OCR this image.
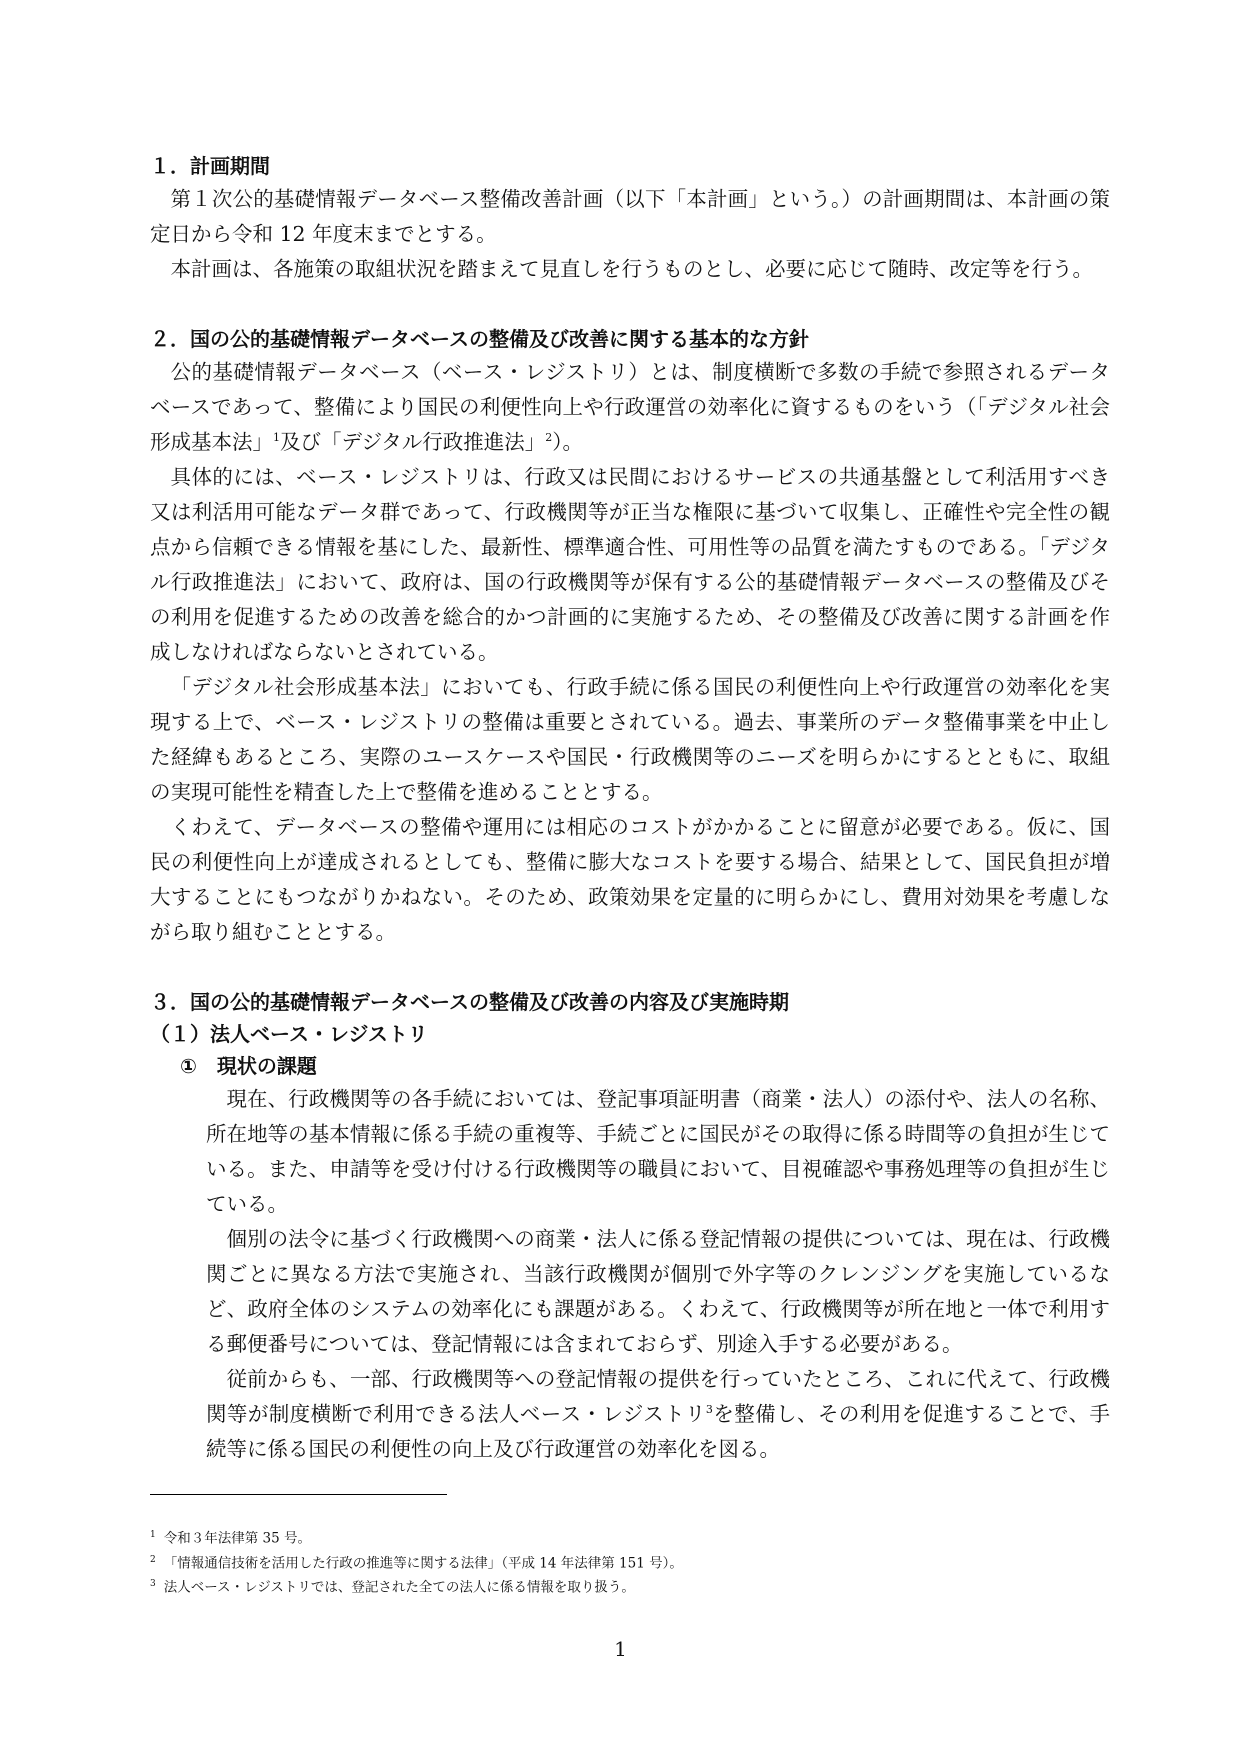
１．計画期間

第１次公的基礎情報データベース整備改善計画（以下「本計画」という。）の計画期間は、本計画の策定日から令和 12 年度末までとする。

本計画は、各施策の取組状況を踏まえて見直しを行うものとし、必要に応じて随時、改定等を行う。

２．国の公的基礎情報データベースの整備及び改善に関する基本的な方針

公的基礎情報データベース（ベース・レジストリ）とは、制度横断で多数の手続で参照されるデータベースであって、整備により国民の利便性向上や行政運営の効率化に資するものをいう（「デジタル社会形成基本法」$^1$及び「デジタル行政推進法」$^2$）。

具体的には、ベース・レジストリは、行政又は民間におけるサービスの共通基盤として利活用すべき又は利活用可能なデータ群であって、行政機関等が正当な権限に基づいて収集し、正確性や完全性の観点から信頼できる情報を基にした、最新性、標準適合性、可用性等の品質を満たすものである。「デジタル行政推進法」において、政府は、国の行政機関等が保有する公的基礎情報データベースの整備及びその利用を促進するための改善を総合的かつ計画的に実施するため、その整備及び改善に関する計画を作成しなければならないとされている。

「デジタル社会形成基本法」においても、行政手続に係る国民の利便性向上や行政運営の効率化を実現する上で、ベース・レジストリの整備は重要とされている。過去、事業所のデータ整備事業を中止した経緯もあるところ、実際のユースケースや国民・行政機関等のニーズを明らかにするとともに、取組の実現可能性を精査した上で整備を進めることとする。

くわえて、データベースの整備や運用には相応のコストがかかることに留意が必要である。仮に、国民の利便性向上が達成されるとしても、整備に膨大なコストを要する場合、結果として、国民負担が増大することにもつながりかねない。そのため、政策効果を定量的に明らかにし、費用対効果を考慮しながら取り組むこととする。

３．国の公的基礎情報データベースの整備及び改善の内容及び実施時期

（１）法人ベース・レジストリ

①　現状の課題

現在、行政機関等の各手続においては、登記事項証明書（商業・法人）の添付や、法人の名称、所在地等の基本情報に係る手続の重複等、手続ごとに国民がその取得に係る時間等の負担が生じている。また、申請等を受け付ける行政機関等の職員において、目視確認や事務処理等の負担が生じている。

個別の法令に基づく行政機関への商業・法人に係る登記情報の提供については、現在は、行政機関ごとに異なる方法で実施され、当該行政機関が個別で外字等のクレンジングを実施しているなど、政府全体のシステムの効率化にも課題がある。くわえて、行政機関等が所在地と一体で利用する郵便番号については、登記情報には含まれておらず、別途入手する必要がある。

従前からも、一部、行政機関等への登記情報の提供を行っていたところ、これに代えて、行政機関等が制度横断で利用できる法人ベース・レジストリ$^3$を整備し、その利用を促進することで、手続等に係る国民の利便性の向上及び行政運営の効率化を図る。

$^1$ 令和３年法律第 35 号。

$^2$ 「情報通信技術を活用した行政の推進等に関する法律」（平成 14 年法律第 151 号）。

$^3$ 法人ベース・レジストリでは、登記された全ての法人に係る情報を取り扱う。

1
